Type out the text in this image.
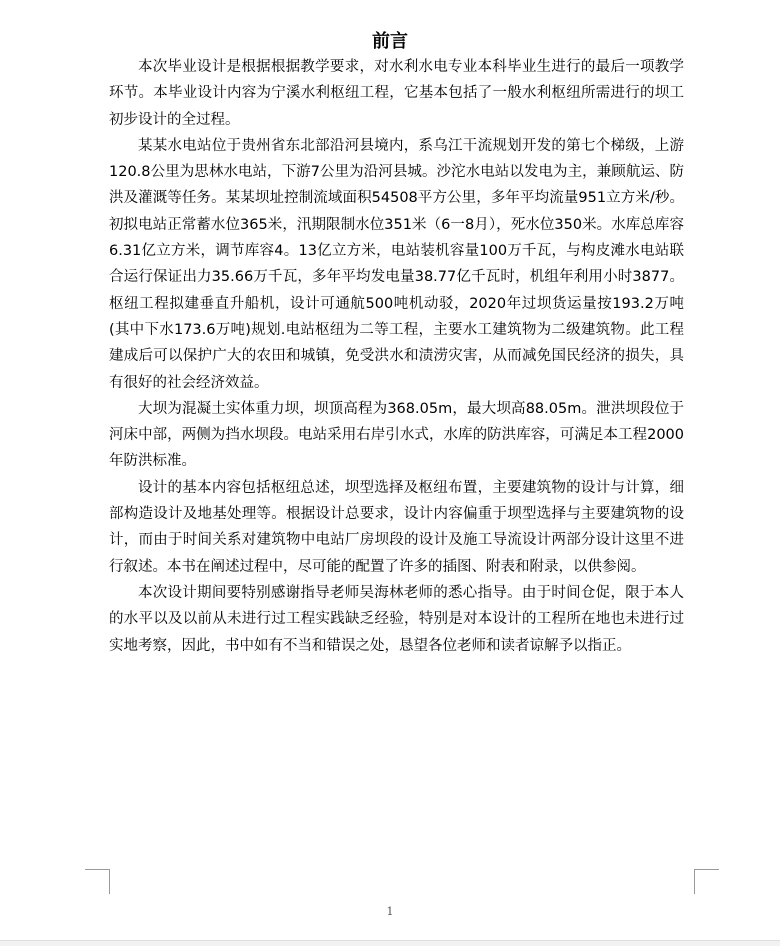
前言

本次毕业设计是根据根据教学要求，对水利水电专业本科毕业生进行的最后一项教学环节。本毕业设计内容为宁溪水利枢纽工程，它基本包括了一般水利枢纽所需进行的坝工初步设计的全过程。

某某水电站位于贵州省东北部沿河县境内，系乌江干流规划开发的第七个梯级，上游120.8公里为思林水电站，下游7公里为沿河县城。沙沱水电站以发电为主，兼顾航运、防洪及灌溉等任务。某某坝址控制流域面积54508平方公里，多年平均流量951立方米/秒。初拟电站正常蓄水位365米，汛期限制水位351米（6一8月），死水位350米。水库总库容6.31亿立方米，调节库容4。13亿立方米，电站装机容量100万千瓦，与构皮滩水电站联合运行保证出力35.66万千瓦，多年平均发电量38.77亿千瓦时，机组年利用小时3877。枢纽工程拟建垂直升船机，设计可通航500吨机动驳，2020年过坝货运量按193.2万吨(其中下水173.6万吨)规划.电站枢纽为二等工程，主要水工建筑物为二级建筑物。此工程建成后可以保护广大的农田和城镇，免受洪水和渍涝灾害，从而减免国民经济的损失，具有很好的社会经济效益。

大坝为混凝土实体重力坝，坝顶高程为368.05m，最大坝高88.05m。泄洪坝段位于河床中部，两侧为挡水坝段。电站采用右岸引水式，水库的防洪库容，可满足本工程2000年防洪标准。

设计的基本内容包括枢纽总述，坝型选择及枢纽布置，主要建筑物的设计与计算，细部构造设计及地基处理等。根据设计总要求，设计内容偏重于坝型选择与主要建筑物的设计，而由于时间关系对建筑物中电站厂房坝段的设计及施工导流设计两部分设计这里不进行叙述。本书在阐述过程中，尽可能的配置了许多的插图、附表和附录，以供参阅。

本次设计期间要特别感谢指导老师吴海林老师的悉心指导。由于时间仓促，限于本人的水平以及以前从未进行过工程实践缺乏经验，特别是对本设计的工程所在地也未进行过实地考察，因此，书中如有不当和错误之处，恳望各位老师和读者谅解予以指正。

1
